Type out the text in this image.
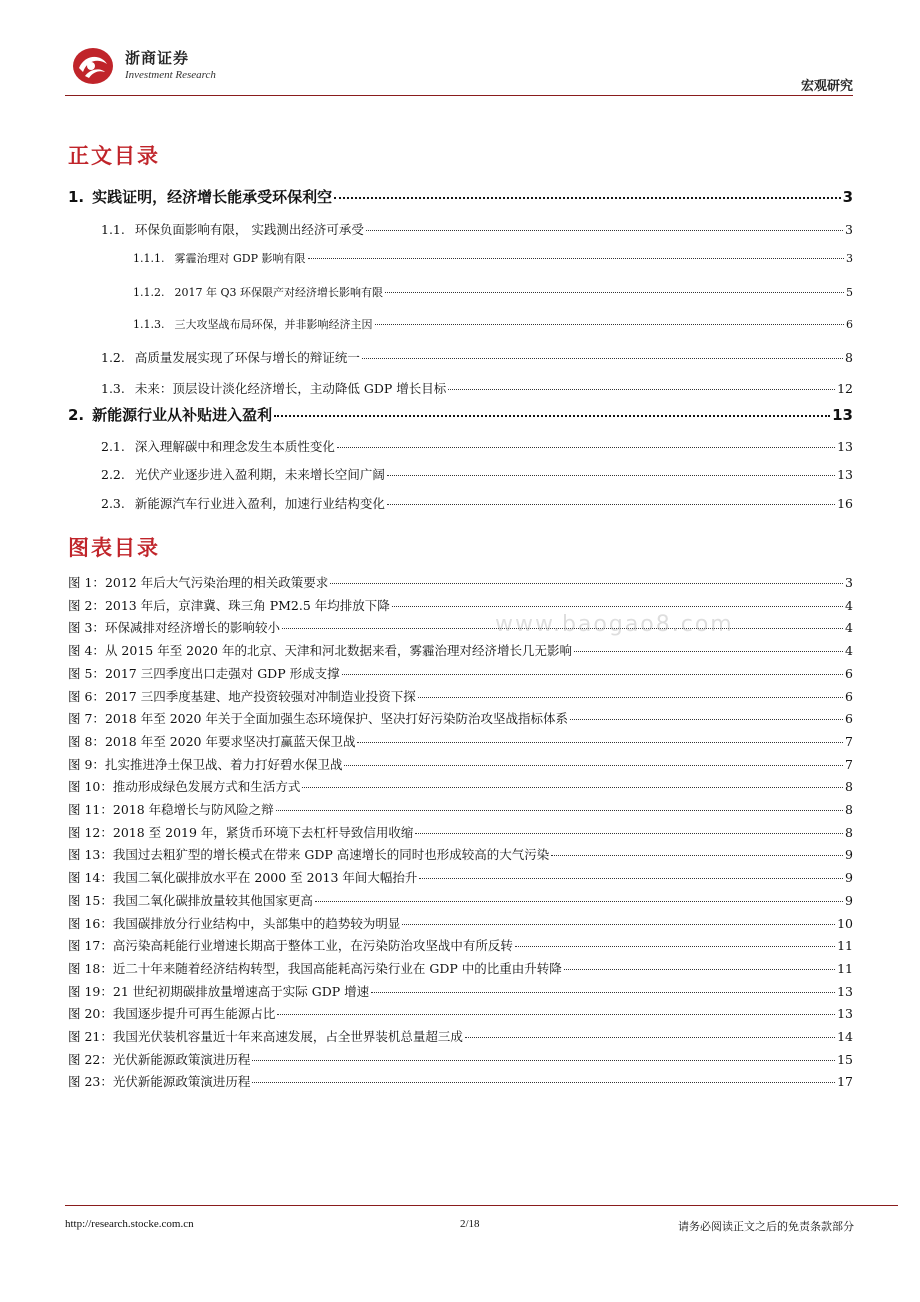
浙商证券
Investment Research
宏观研究
正文目录
1. 实践证明，经济增长能承受环保利空	3
1.1. 环保负面影响有限， 实践测出经济可承受	3
1.1.1. 雾霾治理对 GDP 影响有限	3
1.1.2. 2017 年 Q3 环保限产对经济增长影响有限	5
1.1.3. 三大攻坚战布局环保，并非影响经济主因	6
1.2. 高质量发展实现了环保与增长的辩证统一	8
1.3. 未来：顶层设计淡化经济增长，主动降低 GDP 增长目标	12
2. 新能源行业从补贴进入盈利	13
2.1. 深入理解碳中和理念发生本质性变化	13
2.2. 光伏产业逐步进入盈利期，未来增长空间广阔	13
2.3. 新能源汽车行业进入盈利，加速行业结构变化	16
图表目录
图 1： 2012 年后大气污染治理的相关政策要求	3
图 2： 2013 年后，京津冀、珠三角 PM2.5 年均排放下降	4
图 3： 环保减排对经济增长的影响较小	4
图 4： 从 2015 年至 2020 年的北京、天津和河北数据来看，雾霾治理对经济增长几无影响	4
图 5： 2017 三四季度出口走强对 GDP 形成支撑	6
图 6： 2017 三四季度基建、地产投资较强对冲制造业投资下探	6
图 7： 2018 年至 2020 年关于全面加强生态环境保护、坚决打好污染防治攻坚战指标体系	6
图 8： 2018 年至 2020 年要求坚决打赢蓝天保卫战	7
图 9： 扎实推进净土保卫战、着力打好碧水保卫战	7
图 10： 推动形成绿色发展方式和生活方式	8
图 11： 2018 年稳增长与防风险之辩	8
图 12： 2018 至 2019 年，紧货币环境下去杠杆导致信用收缩	8
图 13： 我国过去粗犷型的增长模式在带来 GDP 高速增长的同时也形成较高的大气污染	9
图 14： 我国二氧化碳排放水平在 2000 至 2013 年间大幅抬升	9
图 15： 我国二氧化碳排放量较其他国家更高	9
图 16： 我国碳排放分行业结构中，头部集中的趋势较为明显	10
图 17： 高污染高耗能行业增速长期高于整体工业，在污染防治攻坚战中有所反转	11
图 18： 近二十年来随着经济结构转型，我国高能耗高污染行业在 GDP 中的比重由升转降	11
图 19： 21 世纪初期碳排放量增速高于实际 GDP 增速	13
图 20： 我国逐步提升可再生能源占比	13
图 21： 我国光伏装机容量近十年来高速发展，占全世界装机总量超三成	14
图 22： 光伏新能源政策演进历程	15
图 23： 光伏新能源政策演进历程	17
www.baogao8.com
http://research.stocke.com.cn	2/18	请务必阅读正文之后的免责条款部分
